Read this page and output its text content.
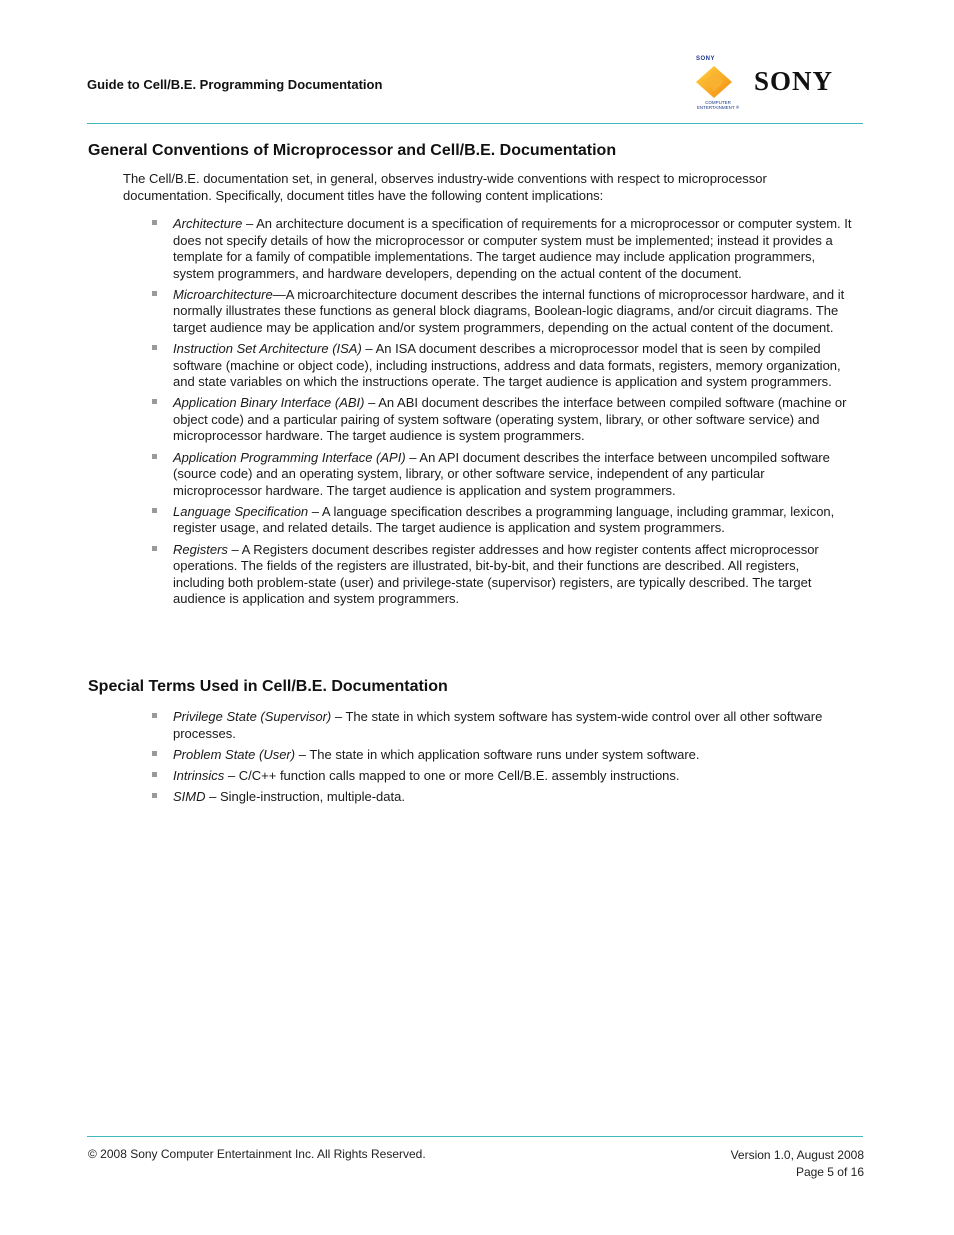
Guide to Cell/B.E. Programming Documentation
SONY
COMPUTER ENTERTAINMENT ®
SONY
General Conventions of Microprocessor and Cell/B.E. Documentation

The Cell/B.E. documentation set, in general, observes industry-wide conventions with respect to microprocessor documentation. Specifically, document titles have the following content implications:

Architecture – An architecture document is a specification of requirements for a microprocessor or computer system. It does not specify details of how the microprocessor or computer system must be implemented; instead it provides a template for a family of compatible implementations. The target audience may include application programmers, system programmers, and hardware developers, depending on the actual content of the document.
Microarchitecture—A microarchitecture document describes the internal functions of microprocessor hardware, and it normally illustrates these functions as general block diagrams, Boolean-logic diagrams, and/or circuit diagrams. The target audience may be application and/or system programmers, depending on the actual content of the document.
Instruction Set Architecture (ISA) – An ISA document describes a microprocessor model that is seen by compiled software (machine or object code), including instructions, address and data formats, registers, memory organization, and state variables on which the instructions operate. The target audience is application and system programmers.
Application Binary Interface (ABI) – An ABI document describes the interface between compiled software (machine or object code) and a particular pairing of system software (operating system, library, or other software service) and microprocessor hardware. The target audience is system programmers.
Application Programming Interface (API) – An API document describes the interface between uncompiled software (source code) and an operating system, library, or other software service, independent of any particular microprocessor hardware. The target audience is application and system programmers.
Language Specification – A language specification describes a programming language, including grammar, lexicon, register usage, and related details. The target audience is application and system programmers.
Registers – A Registers document describes register addresses and how register contents affect microprocessor operations. The fields of the registers are illustrated, bit-by-bit, and their functions are described. All registers, including both problem-state (user) and privilege-state (supervisor) registers, are typically described. The target audience is application and system programmers.
Special Terms Used in Cell/B.E. Documentation
Privilege State (Supervisor) – The state in which system software has system-wide control over all other software processes.
Problem State (User) – The state in which application software runs under system software.
Intrinsics – C/C++ function calls mapped to one or more Cell/B.E. assembly instructions.
SIMD – Single-instruction, multiple-data.
© 2008 Sony Computer Entertainment Inc. All Rights Reserved.	Version 1.0, August 2008
Page 5 of 16
